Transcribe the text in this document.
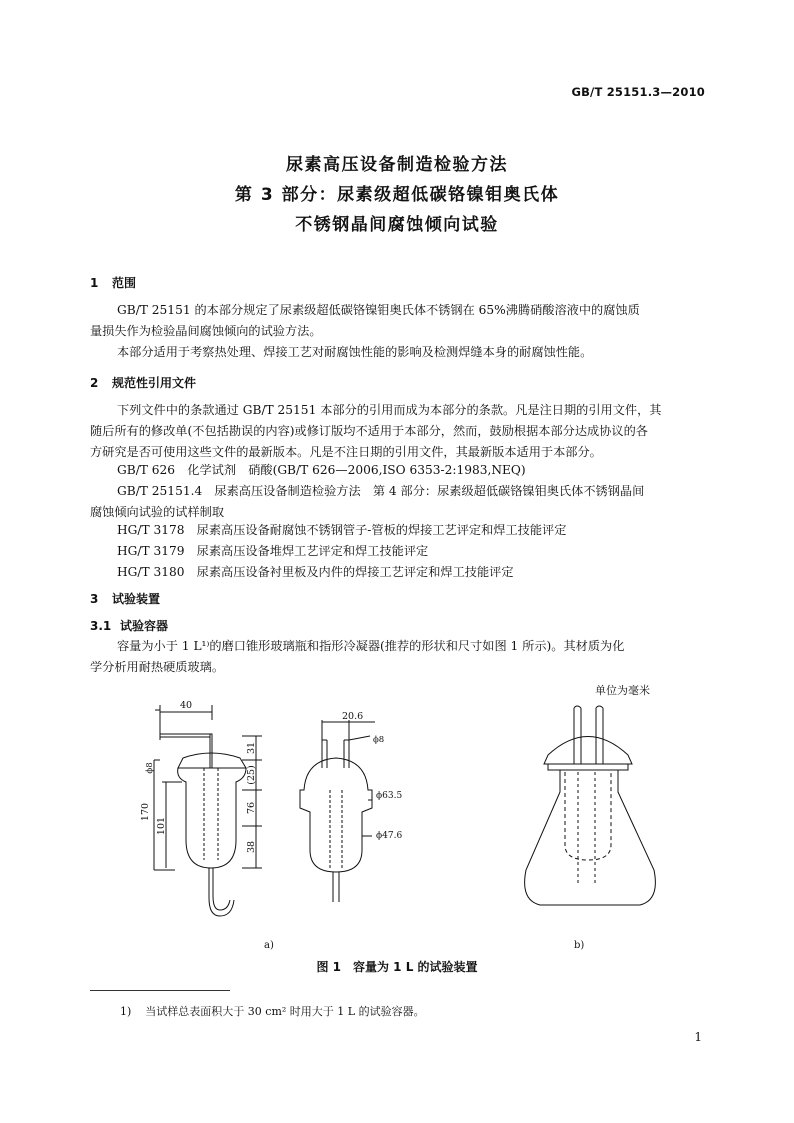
GB/T 25151.3—2010
尿素高压设备制造检验方法
第 3 部分：尿素级超低碳铬镍钼奥氏体
不锈钢晶间腐蚀倾向试验
1 范围
GB/T 25151 的本部分规定了尿素级超低碳铬镍钼奥氏体不锈钢在 65%沸腾硝酸溶液中的腐蚀质
量损失作为检验晶间腐蚀倾向的试验方法。
本部分适用于考察热处理、焊接工艺对耐腐蚀性能的影响及检测焊缝本身的耐腐蚀性能。
2 规范性引用文件
下列文件中的条款通过 GB/T 25151 本部分的引用而成为本部分的条款。凡是注日期的引用文件，其
随后所有的修改单(不包括勘误的内容)或修订版均不适用于本部分，然而，鼓励根据本部分达成协议的各
方研究是否可使用这些文件的最新版本。凡是不注日期的引用文件，其最新版本适用于本部分。
GB/T 626　化学试剂　硝酸(GB/T 626—2006,ISO 6353-2:1983,NEQ)
GB/T 25151.4　尿素高压设备制造检验方法　第 4 部分：尿素级超低碳铬镍钼奥氏体不锈钢晶间
腐蚀倾向试验的试样制取
HG/T 3178　尿素高压设备耐腐蚀不锈钢管子-管板的焊接工艺评定和焊工技能评定
HG/T 3179　尿素高压设备堆焊工艺评定和焊工技能评定
HG/T 3180　尿素高压设备衬里板及内件的焊接工艺评定和焊工技能评定
3 试验装置
3.1 试验容器
容量为小于 1 L¹⁾的磨口锥形玻璃瓶和指形冷凝器(推荐的形状和尺寸如图 1 所示)。其材质为化
学分析用耐热硬质玻璃。
单位为毫米
40
20.6
ϕ8
ϕ63.5
ϕ47.6
ϕ8
170
101
31
(25)
76
38
a)	b)
图 1 容量为 1 L 的试验装置
1) 当试样总表面积大于 30 cm² 时用大于 1 L 的试验容器。
1
